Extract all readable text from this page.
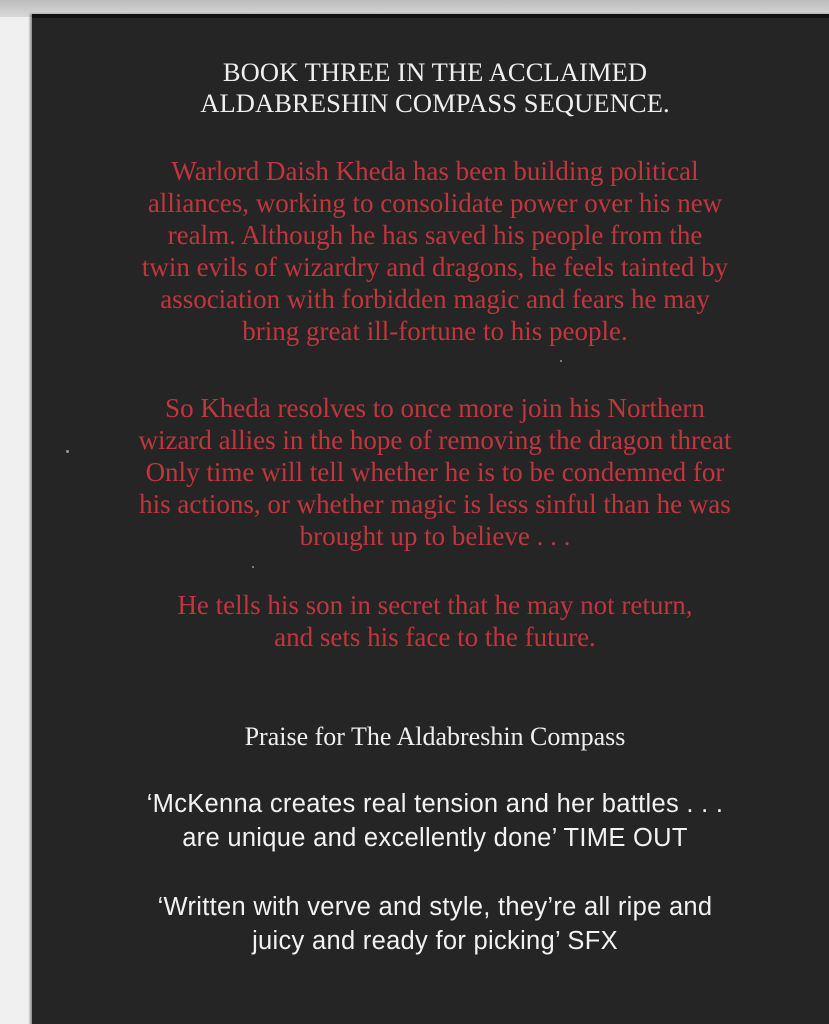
BOOK THREE IN THE ACCLAIMED
ALDABRESHIN COMPASS SEQUENCE.
Warlord Daish Kheda has been building political
alliances, working to consolidate power over his new
realm. Although he has saved his people from the
twin evils of wizardry and dragons, he feels tainted by
association with forbidden magic and fears he may
bring great ill-fortune to his people.
So Kheda resolves to once more join his Northern
wizard allies in the hope of removing the dragon threat
Only time will tell whether he is to be condemned for
his actions, or whether magic is less sinful than he was
brought up to believe . . .
He tells his son in secret that he may not return,
and sets his face to the future.
Praise for The Aldabreshin Compass
‘McKenna creates real tension and her battles . . .
are unique and excellently done’ TIME OUT
‘Written with verve and style, they’re all ripe and
juicy and ready for picking’ SFX
